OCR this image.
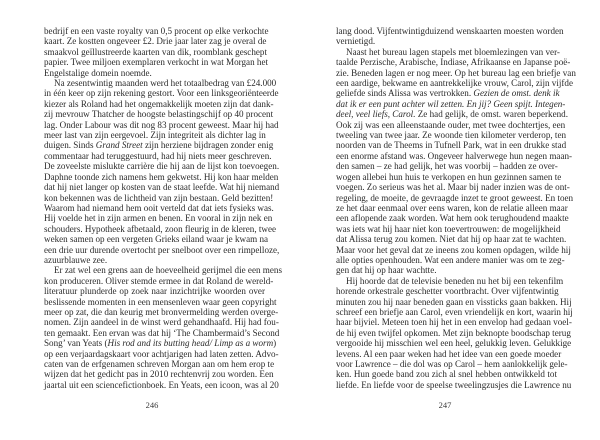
bedrijf en een vaste royalty van 0,5 procent op elke verkochte
kaart. Ze kostten ongeveer £2. Drie jaar later zag je overal de
smaakvol geïllustreerde kaarten van dik, roomblank geschept
papier. Twee miljoen exemplaren verkocht in wat Morgan het
Engelstalige domein noemde.
Na zesentwintig maanden werd het totaalbedrag van £24.000
in één keer op zijn rekening gestort. Voor een linksgeoriënteerde
kiezer als Roland had het ongemakkelijk moeten zijn dat dank-
zij mevrouw Thatcher de hoogste belastingschijf op 40 procent
lag. Onder Labour was dit nog 83 procent geweest. Maar hij had
meer last van zijn eergevoel. Zijn integriteit als dichter lag in
duigen. Sinds Grand Street zijn herziene bijdragen zonder enig
commentaar had teruggestuurd, had hij niets meer geschreven.
De zoveelste mislukte carrière die hij aan de lijst kon toevoegen.
Daphne toonde zich namens hem gekwetst. Hij kon haar melden
dat hij niet langer op kosten van de staat leefde. Wat hij niemand
kon bekennen was de lichtheid van zijn bestaan. Geld bezitten!
Waarom had niemand hem ooit verteld dat dat iets fysieks was.
Hij voelde het in zijn armen en benen. En vooral in zijn nek en
schouders. Hypotheek afbetaald, zoon fleurig in de kleren, twee
weken samen op een vergeten Grieks eiland waar je kwam na
een drie uur durende overtocht per snelboot over een rimpelloze,
azuurblauwe zee.
Er zat wel een grens aan de hoeveelheid gerijmel die een mens
kon produceren. Oliver stemde ermee in dat Roland de wereld-
literatuur plunderde op zoek naar inzichtrijke woorden over
beslissende momenten in een mensenleven waar geen copyright
meer op zat, die dan keurig met bronvermelding werden overge-
nomen. Zijn aandeel in de winst werd gehandhaafd. Hij had fou-
ten gemaakt. Een ervan was dat hij ‘The Chambermaid’s Second
Song’ van Yeats (His rod and its butting head/ Limp as a worm)
op een verjaardagskaart voor achtjarigen had laten zetten. Advo-
caten van de erfgenamen schreven Morgan aan om hem erop te
wijzen dat het gedicht pas in 2010 rechtenvrij zou worden. Een
jaartal uit een sciencefictionboek. En Yeats, een icoon, was al 20
lang dood. Vijfentwintigduizend wenskaarten moesten worden
vernietigd.
Naast het bureau lagen stapels met bloemlezingen van ver-
taalde Perzische, Arabische, Indiase, Afrikaanse en Japanse poë-
zie. Beneden lagen er nog meer. Op het bureau lag een briefje van
een aardige, bekwame en aantrekkelijke vrouw, Carol, zijn vijfde
geliefde sinds Alissa was vertrokken. Gezien de omst. denk ik
dat ik er een punt achter wil zetten. En jij? Geen spijt. Integen-
deel, veel liefs, Carol. Ze had gelijk, de omst. waren beperkend.
Ook zij was een alleenstaande ouder, met twee dochtertjes, een
tweeling van twee jaar. Ze woonde tien kilometer verderop, ten
noorden van de Theems in Tufnell Park, wat in een drukke stad
een enorme afstand was. Ongeveer halverwege hun negen maan-
den samen – ze had gelijk, het was voorbij – hadden ze over-
wogen allebei hun huis te verkopen en hun gezinnen samen te
voegen. Zo serieus was het al. Maar bij nader inzien was de ont-
regeling, de moeite, de gevraagde inzet te groot geweest. En toen
ze het daar eenmaal over eens waren, kon de relatie alleen maar
een aflopende zaak worden. Wat hem ook terughoudend maakte
was iets wat hij haar niet kon toevertrouwen: de mogelijkheid
dat Alissa terug zou komen. Niet dat hij op haar zat te wachten.
Maar voor het geval dat ze ineens zou komen opdagen, wilde hij
alle opties openhouden. Wat een andere manier was om te zeg-
gen dat hij op haar wachtte.
Hij hoorde dat de televisie beneden nu het bij een tekenfilm
horende orkestrale geschetter voortbracht. Over vijfentwintig
minuten zou hij naar beneden gaan en vissticks gaan bakken. Hij
schreef een briefje aan Carol, even vriendelijk en kort, waarin hij
haar bijviel. Meteen toen hij het in een envelop had gedaan voel-
de hij even twijfel opkomen. Met zijn beknopte boodschap terug
vergooide hij misschien wel een heel, gelukkig leven. Gelukkige
levens. Al een paar weken had het idee van een goede moeder
voor Lawrence – die dol was op Carol – hem aanlokkelijk gele-
ken. Hun goede band zou zich al snel hebben ontwikkeld tot
liefde. En liefde voor de speelse tweelingzusjes die Lawrence nu
246	247
